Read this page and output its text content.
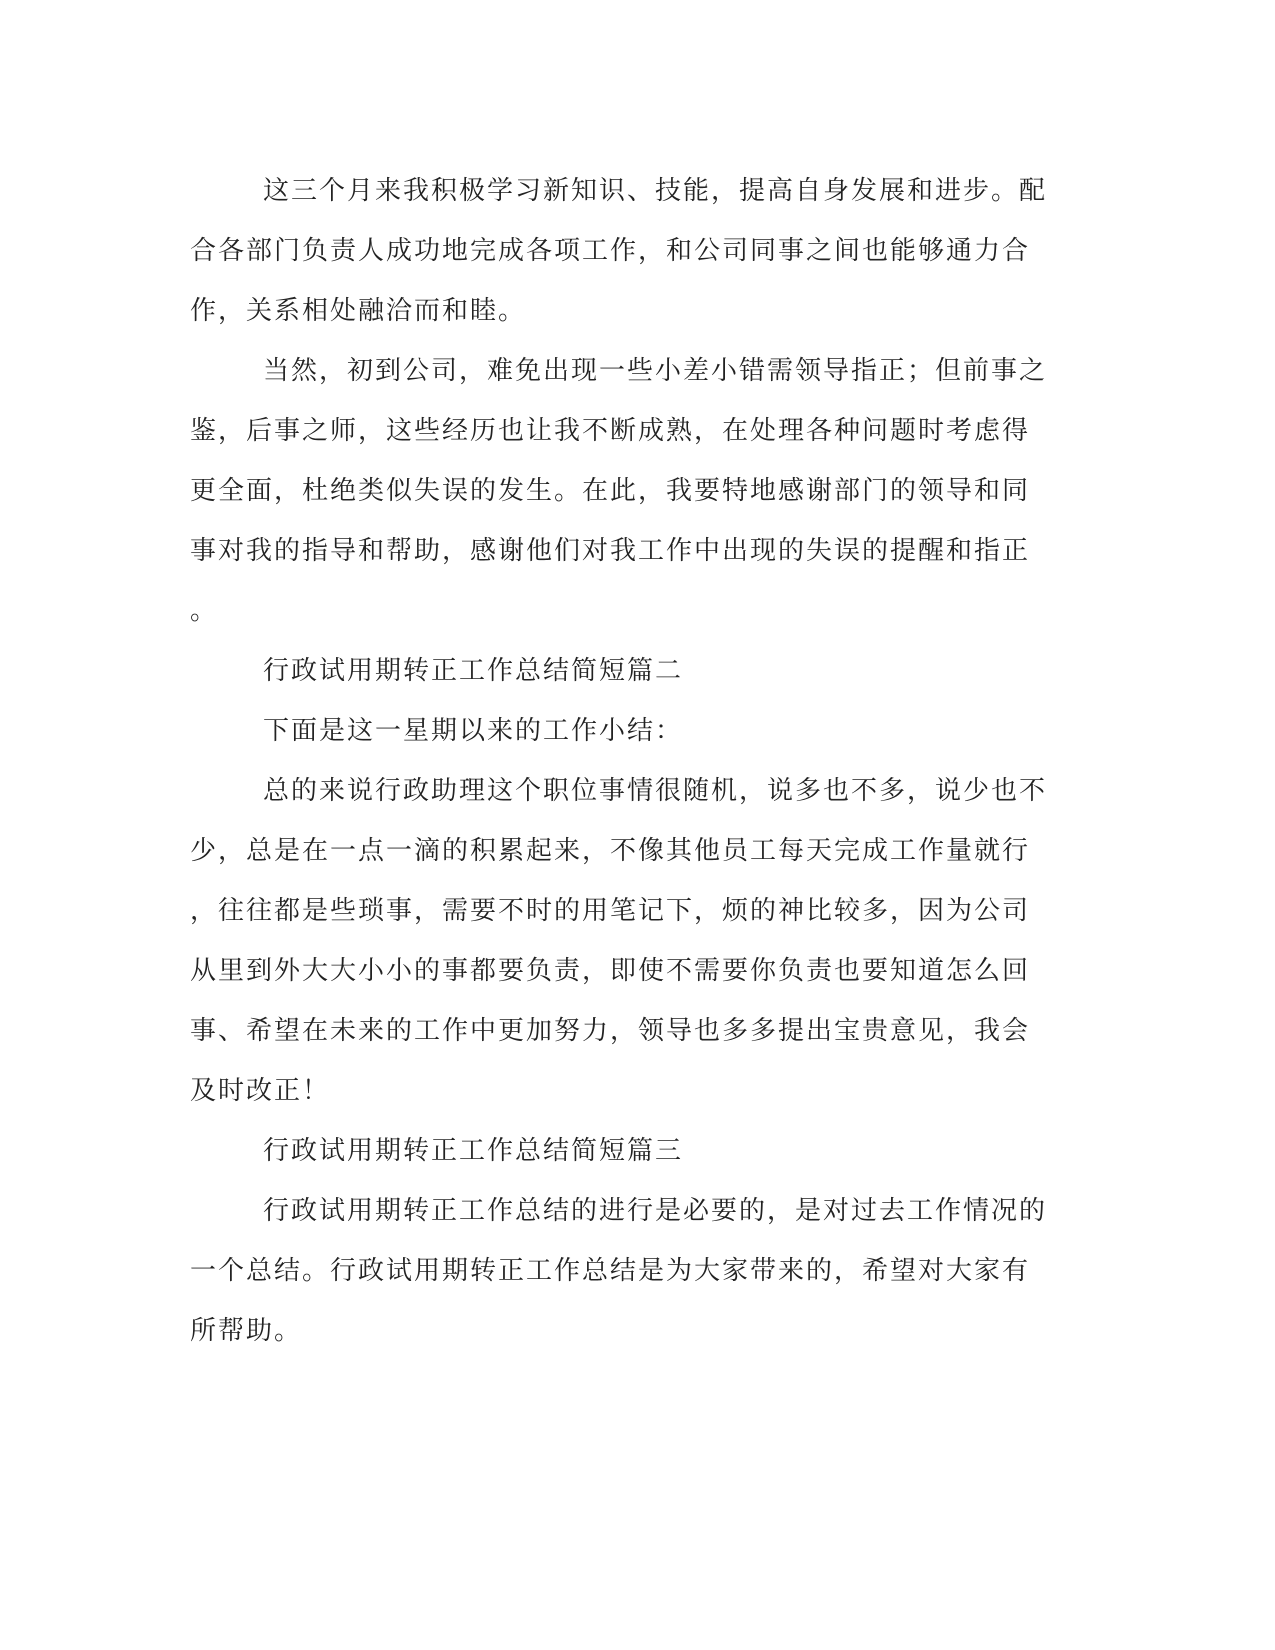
这三个月来我积极学习新知识、技能，提高自身发展和进步。配
合各部门负责人成功地完成各项工作，和公司同事之间也能够通力合
作，关系相处融洽而和睦。
当然，初到公司，难免出现一些小差小错需领导指正；但前事之
鉴，后事之师，这些经历也让我不断成熟，在处理各种问题时考虑得
更全面，杜绝类似失误的发生。在此，我要特地感谢部门的领导和同
事对我的指导和帮助，感谢他们对我工作中出现的失误的提醒和指正
。
行政试用期转正工作总结简短篇二
下面是这一星期以来的工作小结：
总的来说行政助理这个职位事情很随机，说多也不多，说少也不
少，总是在一点一滴的积累起来，不像其他员工每天完成工作量就行
，往往都是些琐事，需要不时的用笔记下，烦的神比较多，因为公司
从里到外大大小小的事都要负责，即使不需要你负责也要知道怎么回
事、希望在未来的工作中更加努力，领导也多多提出宝贵意见，我会
及时改正！
行政试用期转正工作总结简短篇三
行政试用期转正工作总结的进行是必要的，是对过去工作情况的
一个总结。行政试用期转正工作总结是为大家带来的，希望对大家有
所帮助。
